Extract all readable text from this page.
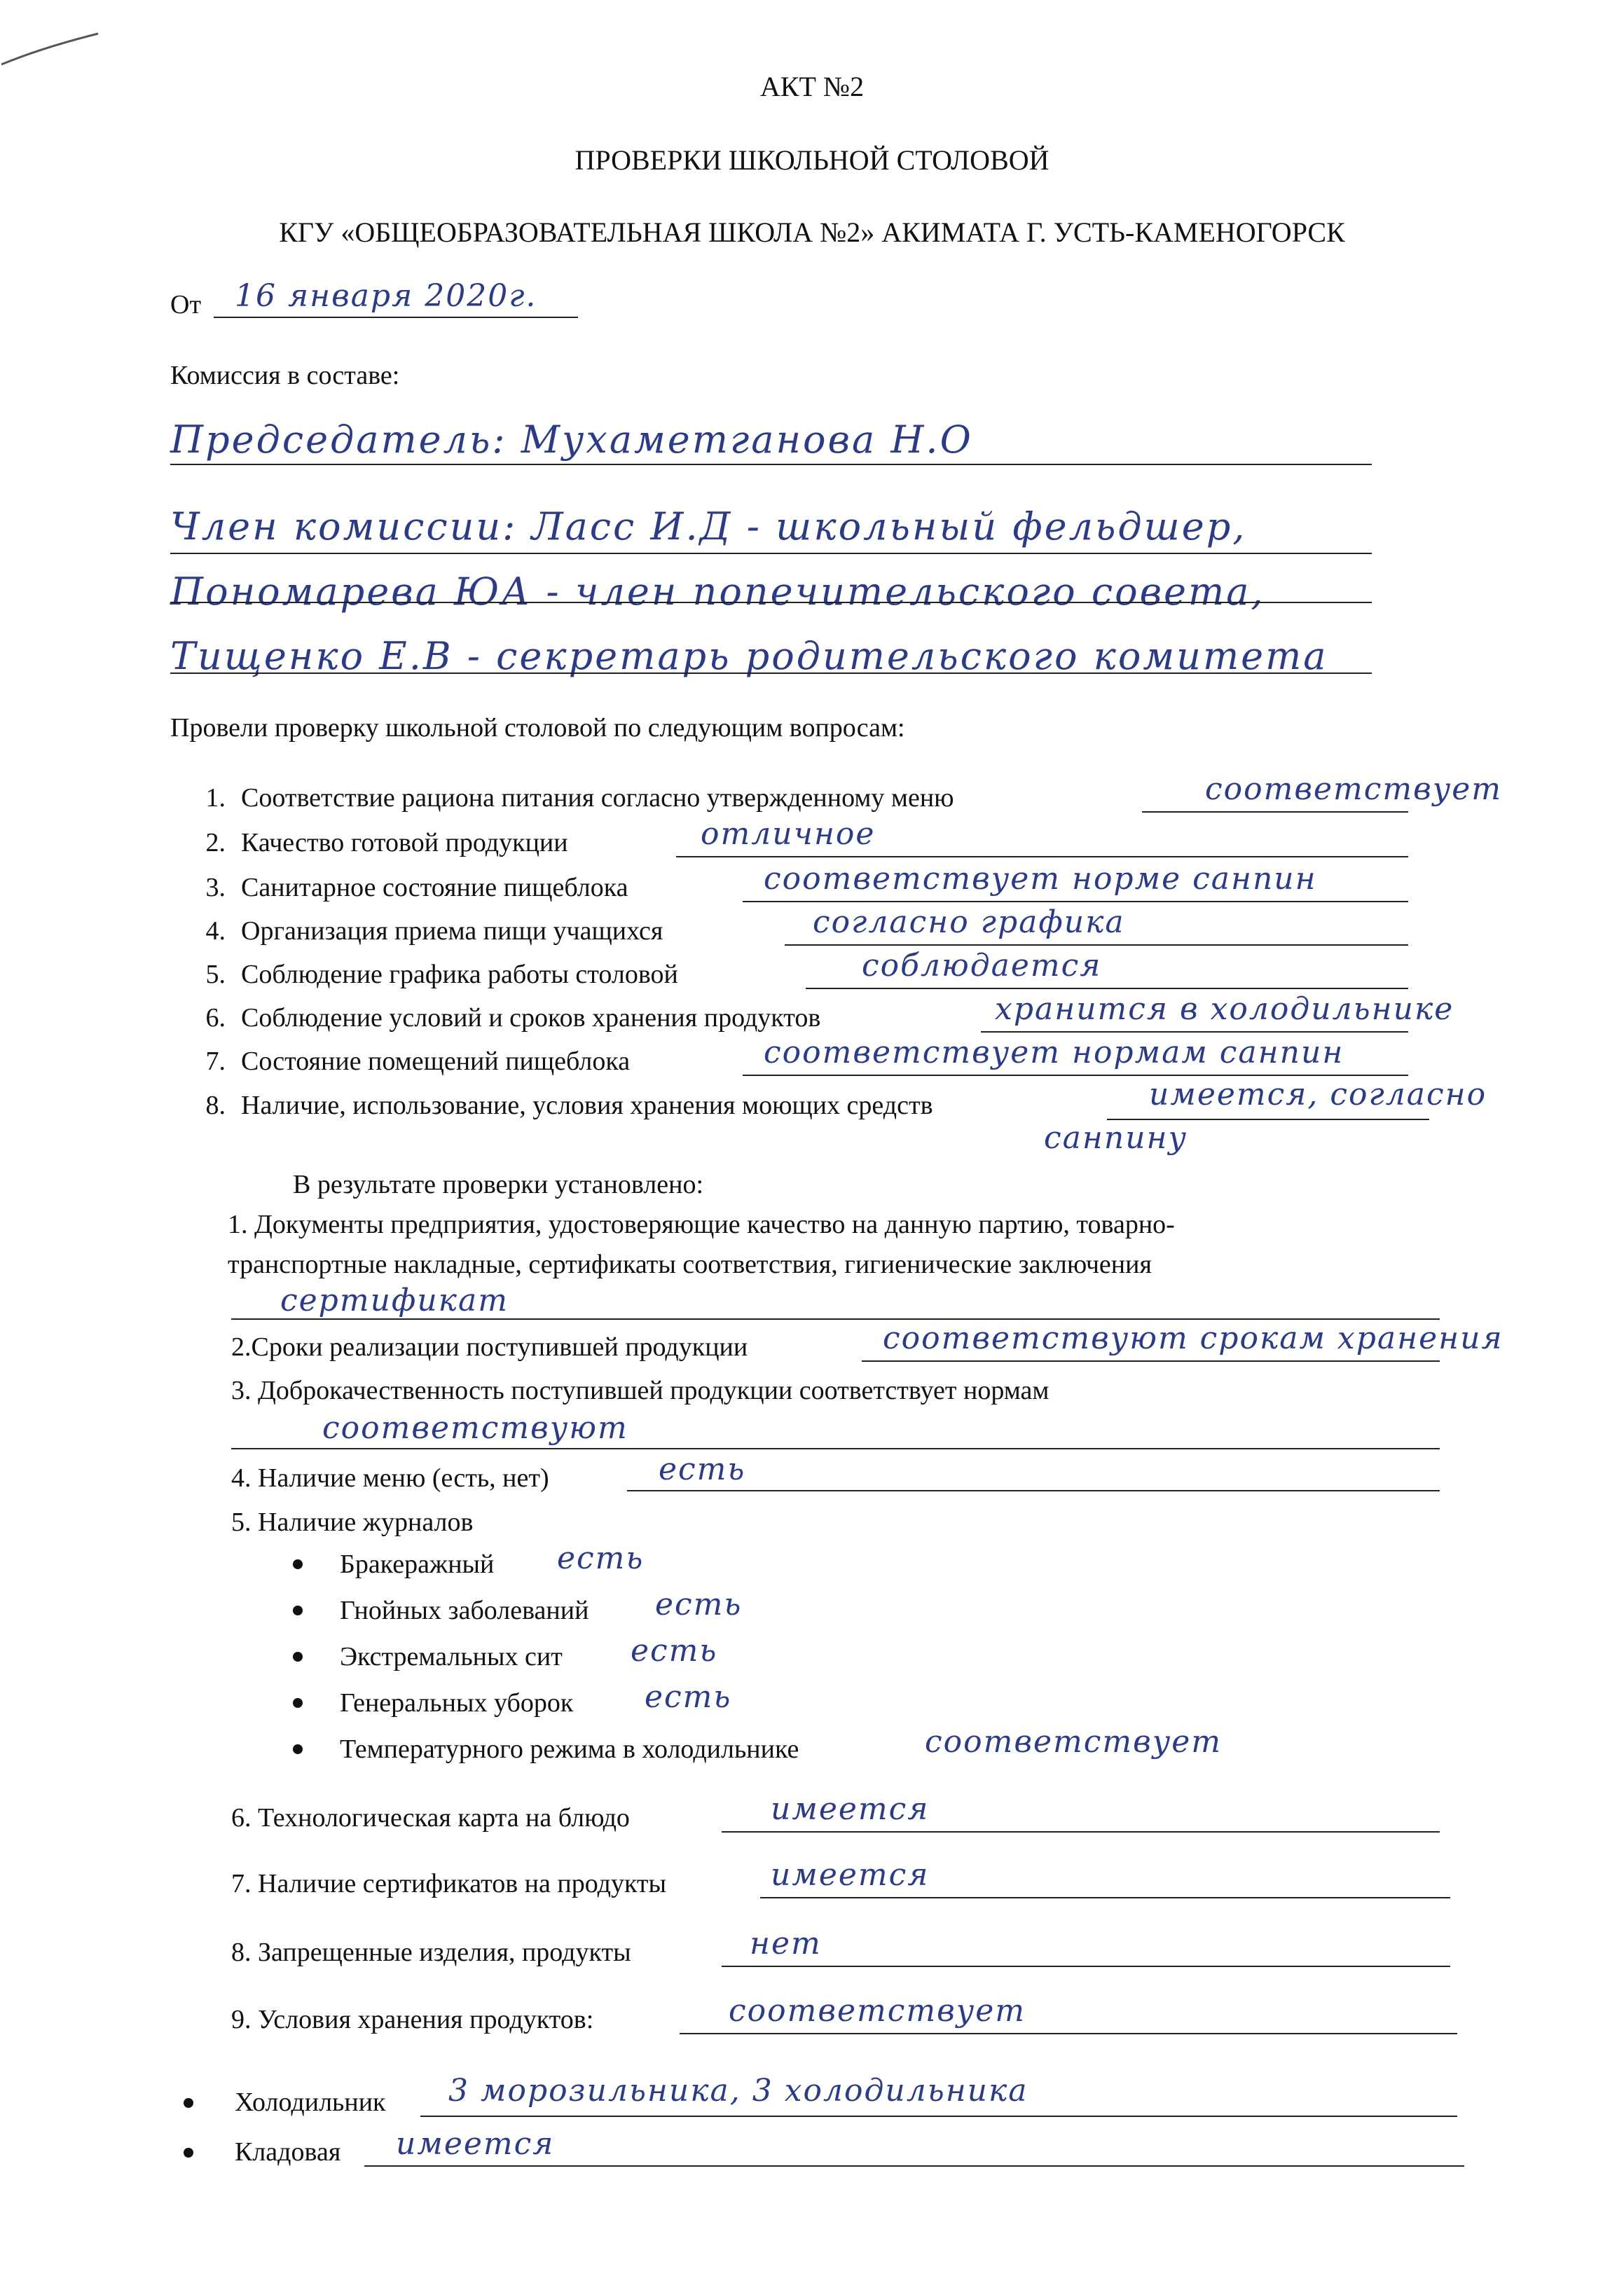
АКТ №2
ПРОВЕРКИ ШКОЛЬНОЙ СТОЛОВОЙ
КГУ «ОБЩЕОБРАЗОВАТЕЛЬНАЯ ШКОЛА №2» АКИМАТА Г. УСТЬ-КАМЕНОГОРСК
От 16 января 2020г.
Комиссия в составе:
Председатель: Мухаметганова Н.О
Член комиссии: Ласс И.Д - школьный фельдшер,
Пономарева ЮА - член попечительского совета,
Тищенко Е.В - секретарь родительского комитета
Провели проверку школьной столовой по следующим вопросам:
1. Соответствие рациона питания согласно утвержденному меню	соответствует
2. Качество готовой продукции	отличное
3. Санитарное состояние пищеблока	соответствует норме санпин
4. Организация приема пищи учащихся	согласно графика
5. Соблюдение графика работы столовой	соблюдается
6. Соблюдение условий и сроков хранения продуктов	хранится в холодильнике
7. Состояние помещений пищеблока	соответствует нормам санпин
8. Наличие, использование, условия хранения моющих средств	имеется, согласно
санпину
В результате проверки установлено:
1. Документы предприятия, удостоверяющие качество на данную партию, товарно-
транспортные накладные, сертификаты соответствия, гигиенические заключения
сертификат
2.Сроки реализации поступившей продукции	соответствуют срокам хранения
3. Доброкачественность поступившей продукции соответствует нормам
соответствуют
4. Наличие меню (есть, нет)	есть
5. Наличие журналов
Бракеражный есть
Гнойных заболеваний есть
Экстремальных сит есть
Генеральных уборок есть
Температурного режима в холодильнике	соответствует
6. Технологическая карта на блюдо	имеется
7. Наличие сертификатов на продукты	имеется
8. Запрещенные изделия, продукты	нет
9. Условия хранения продуктов:	соответствует
Холодильник 3 морозильника, 3 холодильника
Кладовая имеется
